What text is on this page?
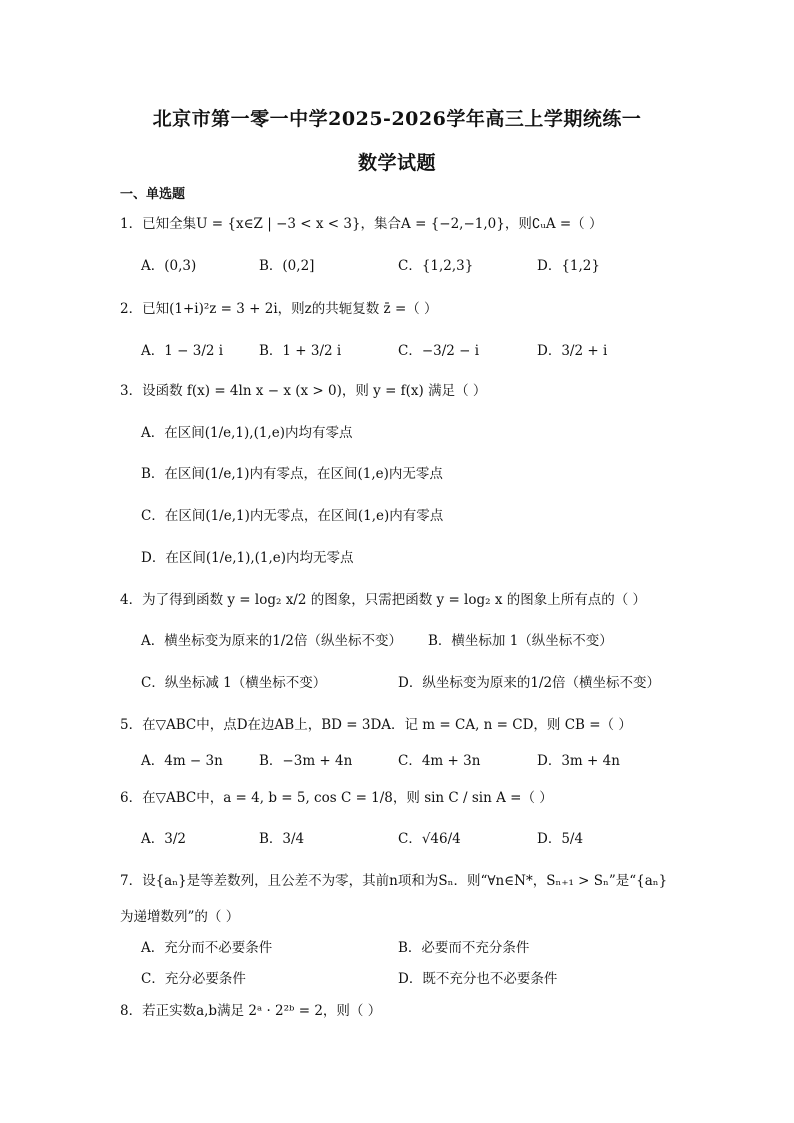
北京市第一零一中学2025-2026学年高三上学期统练一
数学试题
一、单选题
1．已知全集U = {x∈Z | −3 < x < 3}，集合A = {−2,−1,0}，则∁ᵤA =（ ）
A．(0,3)	B．(0,2]	C．{1,2,3}	D．{1,2}
2．已知(1+i)²z = 3 + 2i，则z的共轭复数 z̄ =（ ）
A．1 − 3/2 i	B．1 + 3/2 i	C．−3/2 − i	D．3/2 + i
3．设函数 f(x) = 4ln x − x (x > 0)，则 y = f(x) 满足（ ）
A．在区间(1/e,1),(1,e)内均有零点
B．在区间(1/e,1)内有零点，在区间(1,e)内无零点
C．在区间(1/e,1)内无零点，在区间(1,e)内有零点
D．在区间(1/e,1),(1,e)内均无零点
4．为了得到函数 y = log₂ x/2 的图象，只需把函数 y = log₂ x 的图象上所有点的（ ）
A．横坐标变为原来的1/2倍（纵坐标不变） B．横坐标加 1（纵坐标不变）
C．纵坐标减 1（横坐标不变）	D．纵坐标变为原来的1/2倍（横坐标不变）
5．在▽ABC中，点D在边AB上，BD = 3DA．记 m = CA, n = CD，则 CB =（ ）
A．4m − 3n	B．−3m + 4n	C．4m + 3n	D．3m + 4n
6．在▽ABC中，a = 4, b = 5, cos C = 1/8，则 sin C / sin A =（ ）
A．3/2	B．3/4	C．√46/4	D．5/4
7．设{aₙ}是等差数列，且公差不为零，其前n项和为Sₙ．则“∀n∈N*，Sₙ₊₁ > Sₙ”是“{aₙ}
为递增数列”的（ ）
A．充分而不必要条件	B．必要而不充分条件
C．充分必要条件	D．既不充分也不必要条件
8．若正实数a,b满足 2ᵃ · 2²ᵇ = 2，则（ ）
